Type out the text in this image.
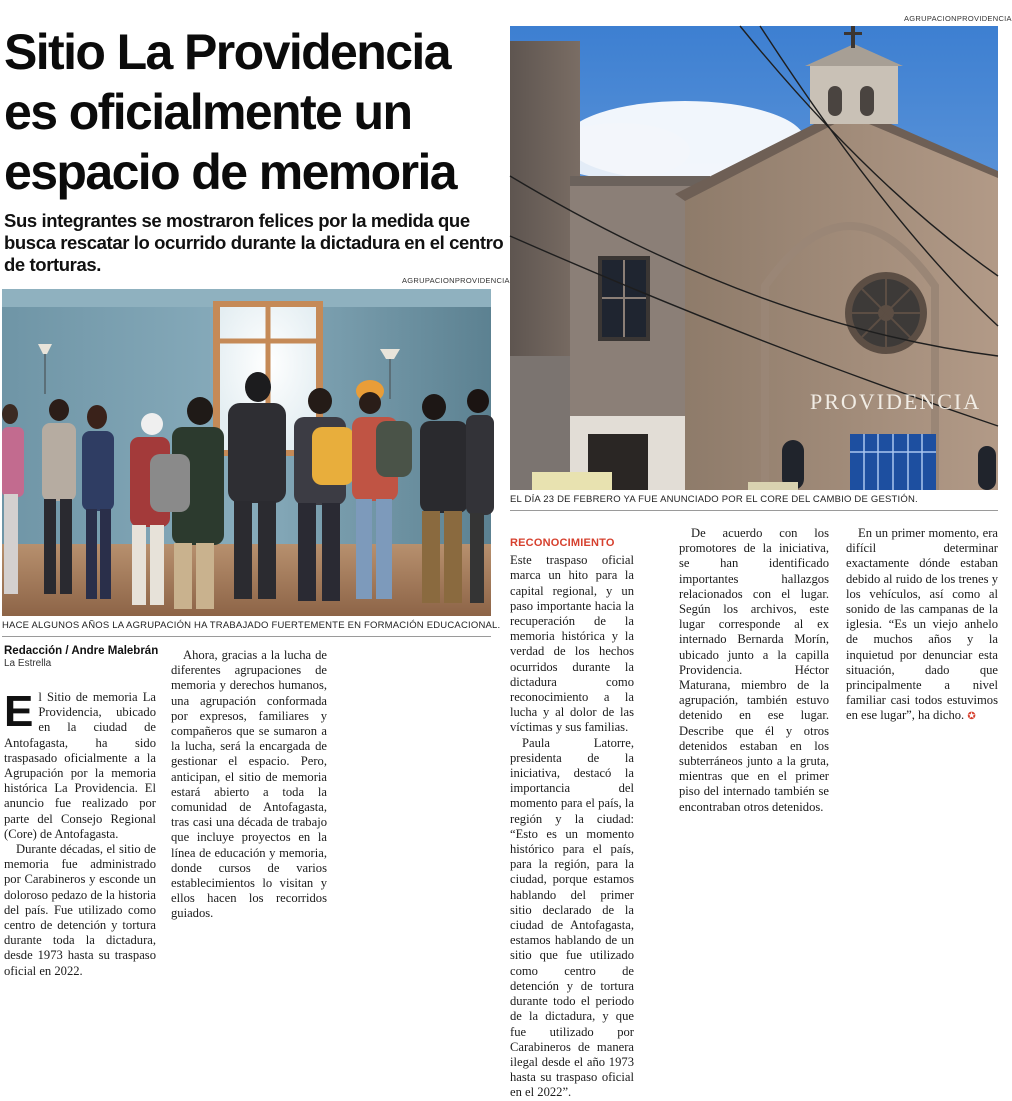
Sitio La Providencia
es oficialmente un
espacio de memoria

Sus integrantes se mostraron felices por la medida que busca rescatar lo ocurrido durante la dictadura en el centro de torturas.

AGRUPACIONPROVIDENCIA
HACE ALGUNOS AÑOS LA AGRUPACIÓN HA TRABAJADO FUERTEMENTE EN FORMACIÓN EDUCACIONAL.
AGRUPACIONPROVIDENCIA
PROVIDENCIA
EL DÍA 23 DE FEBRERO YA FUE ANUNCIADO POR EL CORE DEL CAMBIO DE GESTIÓN.
Redacción / Andre Malebrán
La Estrella

El Sitio de memoria La Providencia, ubicado en la ciudad de Antofagasta, ha sido traspasado oficialmente a la Agrupación por la memoria histórica La Providencia. El anuncio fue realizado por parte del Consejo Regional (Core) de Antofagasta.

Durante décadas, el sitio de memoria fue administrado por Carabineros y esconde un doloroso pedazo de la historia del país. Fue utilizado como centro de detención y tortura durante toda la dictadura, desde 1973 hasta su traspaso oficial en 2022.

Ahora, gracias a la lucha de diferentes agrupaciones de memoria y derechos humanos, una agrupación conformada por expresos, familiares y compañeros que se sumaron a la lucha, será la encargada de gestionar el espacio. Pero, anticipan, el sitio de memoria estará abierto a toda la comunidad de Antofagasta, tras casi una década de trabajo que incluye proyectos en la línea de educación y memoria, donde cursos de varios establecimientos lo visitan y ellos hacen los recorridos guiados.

RECONOCIMIENTO

Este traspaso oficial marca un hito para la capital regional, y un paso importante hacia la recuperación de la memoria histórica y la verdad de los hechos ocurridos durante la dictadura como reconocimiento a la lucha y al dolor de las víctimas y sus familias.

Paula Latorre, presidenta de la iniciativa, destacó la importancia del momento para el país, la región y la ciudad: “Esto es un momento histórico para el país, para la región, para la ciudad, porque estamos hablando del primer sitio declarado de la ciudad de Antofagasta, estamos hablando de un sitio que fue utilizado como centro de detención y de tortura durante todo el periodo de la dictadura, y que fue utilizado por Carabineros de manera ilegal desde el año 1973 hasta su traspaso oficial en el 2022”.

De acuerdo con los promotores de la iniciativa, se han identificado importantes hallazgos relacionados con el lugar. Según los archivos, este lugar corresponde al ex internado Bernarda Morín, ubicado junto a la capilla Providencia. Héctor Maturana, miembro de la agrupación, también estuvo detenido en ese lugar. Describe que él y otros detenidos estaban en los subterráneos junto a la gruta, mientras que en el primer piso del internado también se encontraban otros detenidos.

En un primer momento, era difícil determinar exactamente dónde estaban debido al ruido de los trenes y los vehículos, así como al sonido de las campanas de la iglesia. “Es un viejo anhelo de muchos años y la inquietud por denunciar esta situación, dado que principalmente a nivel familiar casi todos estuvimos en ese lugar”, ha dicho. ✪
